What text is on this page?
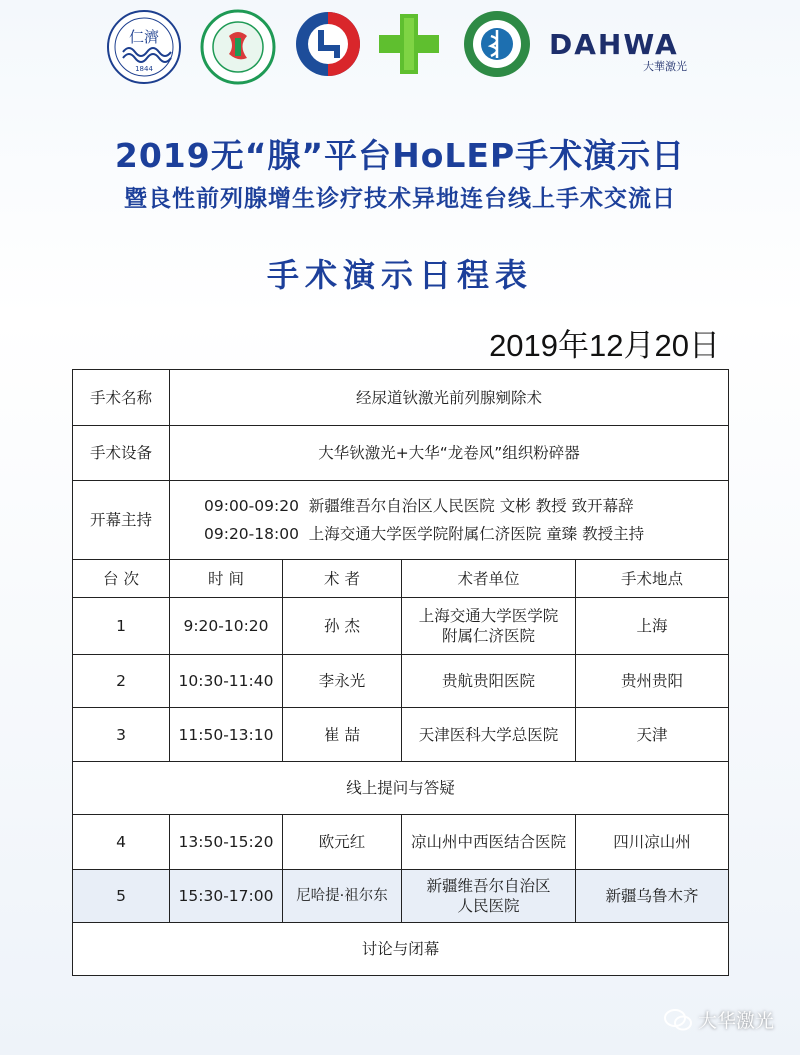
仁濟
1844
DAHWA
大華激光
2019无“腺”平台HoLEP手术演示日
暨良性前列腺增生诊疗技术异地连台线上手术交流日
手术演示日程表
2019年12月20日
手术名称	经尿道钬激光前列腺剜除术			
手术设备	大华钬激光+大华“龙卷风”组织粉碎器			
开幕主持	09:00-09:20  新疆维吾尔自治区人民医院 文彬 教授 致开幕辞
09:20-18:00  上海交通大学医学院附属仁济医院 童臻 教授主持			

台 次	时 间	术 者	术者单位	手术地点
1	9:20-10:20	孙 杰	上海交通大学医学院
附属仁济医院	上海
2	10:30-11:40	李永光	贵航贵阳医院	贵州贵阳
3	11:50-13:10	崔 喆	天津医科大学总医院	天津
线上提问与答疑				
4	13:50-15:20	欧元红	凉山州中西医结合医院	四川凉山州
5	15:30-17:00	尼哈提·祖尔东	新疆维吾尔自治区
人民医院	新疆乌鲁木齐
讨论与闭幕				
大华激光
